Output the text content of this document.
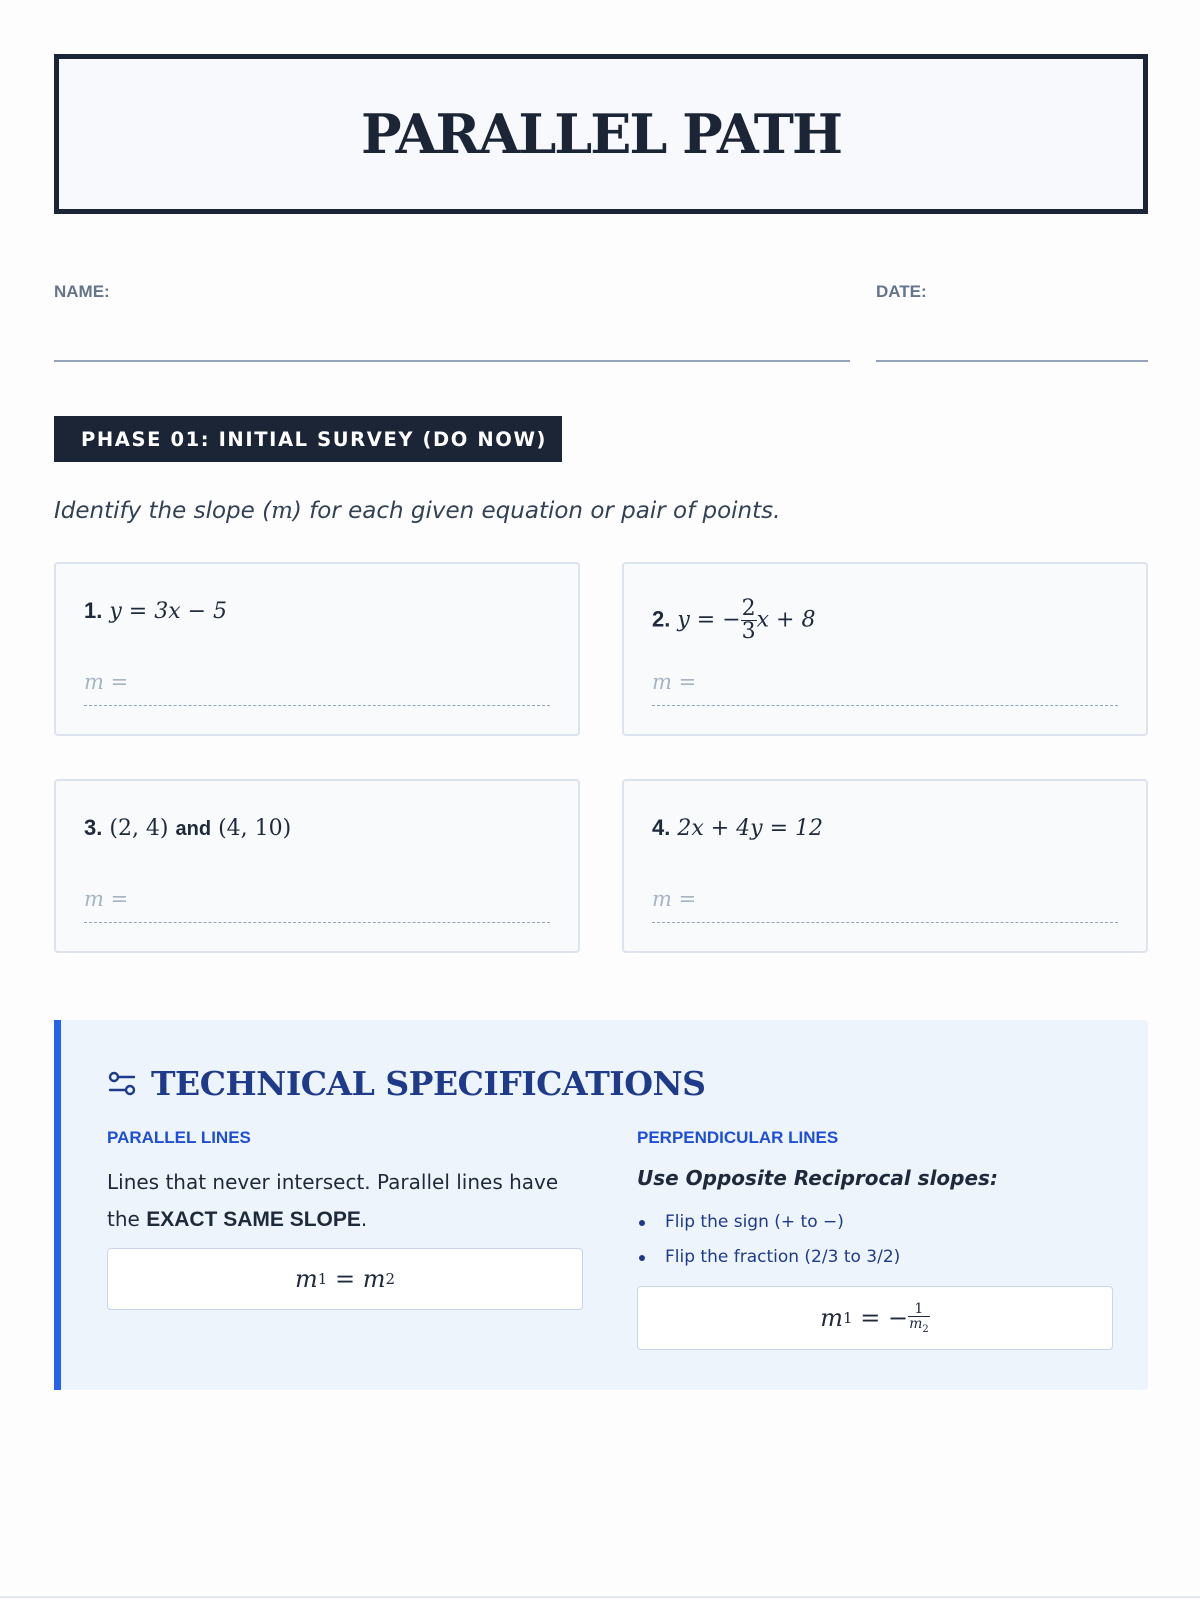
PARALLEL PATH
NAME:	DATE:
PHASE 01: INITIAL SURVEY (DO NOW)
Identify the slope (m) for each given equation or pair of points.
1. y = 3x − 5
m =
2. y = − $\frac{2}{3}$ x + 8
m =
3. (2, 4) and (4, 10)
m =
4. 2x + 4y = 12
m =
TECHNICAL SPECIFICATIONS
PARALLEL LINES
Lines that never intersect. Parallel lines have the EXACT SAME SLOPE.
m 1 = m 2
PERPENDICULAR LINES
Use Opposite Reciprocal slopes:
Flip the sign (+ to −)
Flip the fraction (2/3 to 3/2)
m 1 = − $\frac{1}{m_2}$
